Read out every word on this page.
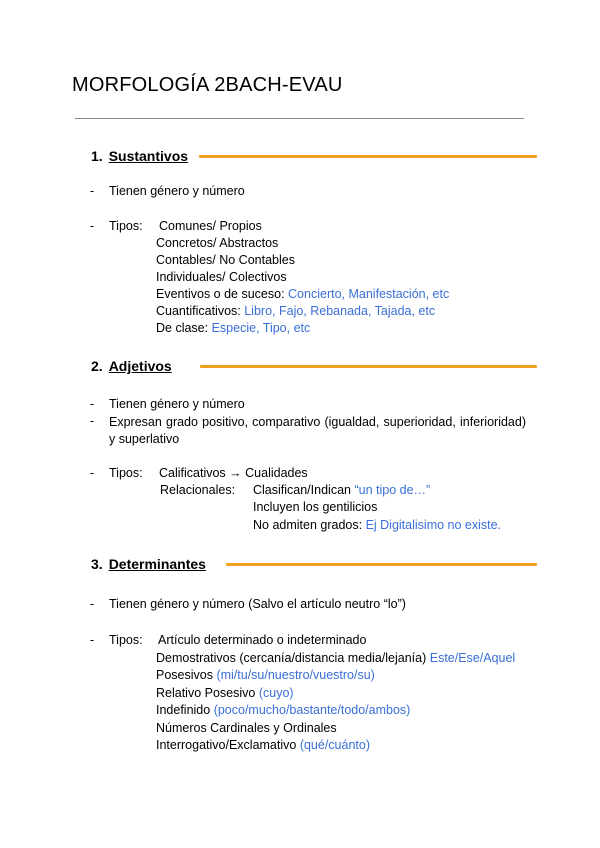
MORFOLOGÍA 2BACH-EVAU
1. Sustantivos
- Tienen género y número
- Tipos: Comunes/ Propios
Concretos/ Abstractos
Contables/ No Contables
Individuales/ Colectivos
Eventivos o de suceso: Concierto, Manifestación, etc
Cuantificativos: Libro, Fajo, Rebanada, Tajada, etc
De clase: Especie, Tipo, etc
2. Adjetivos
- Tienen género y número
- Expresan grado positivo, comparativo (igualdad, superioridad, inferioridad) y superlativo
- Tipos: Calificativos → Cualidades
Relacionales: Clasifican/Indican “un tipo de…”
Incluyen los gentilicios
No admiten grados: Ej Digitalisimo no existe.
3. Determinantes
- Tienen género y número (Salvo el artículo neutro “lo”)
- Tipos: Artículo determinado o indeterminado
Demostrativos (cercanía/distancia media/lejanía) Este/Ese/Aquel
Posesivos (mi/tu/su/nuestro/vuestro/su)
Relativo Posesivo (cuyo)
Indefinido (poco/mucho/bastante/todo/ambos)
Números Cardinales y Ordinales
Interrogativo/Exclamativo (qué/cuánto)
